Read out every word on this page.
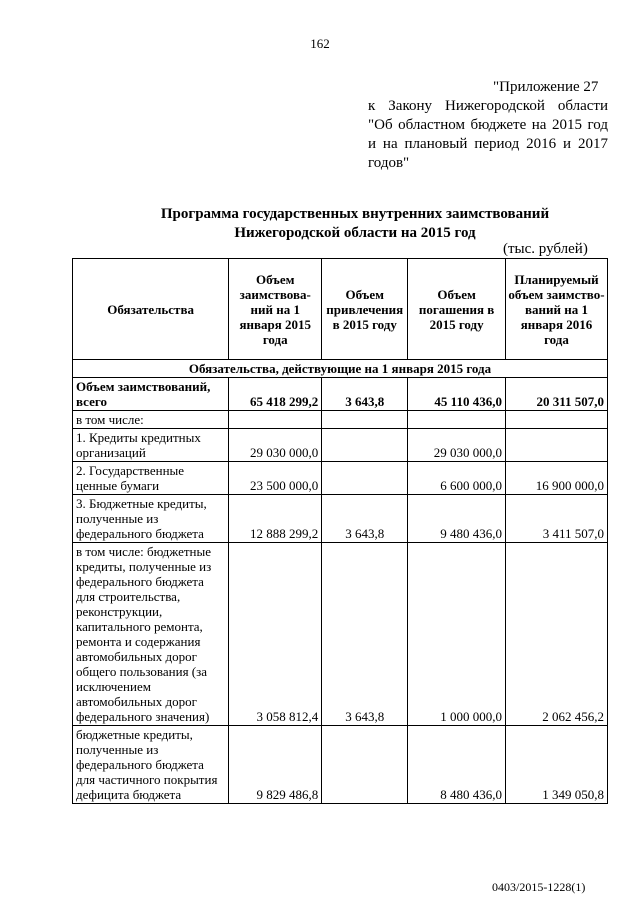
162
"Приложение 27
к Закону Нижегородской области
"Об областном бюджете на 2015 год
и на плановый период 2016 и 2017
годов"
Программа государственных внутренних заимствований
Нижегородской области на 2015 год
(тыс. рублей)
Обязательства	Объем заимствова-ний на 1 января 2015 года	Объем привлечения в 2015 году	Объем погашения в 2015 году	Планируемый объем заимство-ваний на 1 января 2016 года
Обязательства, действующие на 1 января 2015 года				
Объем заимствований, всего	65 418 299,2	3 643,8	45 110 436,0	20 311 507,0
в том числе:				
1. Кредиты кредитных организаций	29 030 000,0		29 030 000,0	
2. Государственные ценные бумаги	23 500 000,0		6 600 000,0	16 900 000,0
3. Бюджетные кредиты, полученные из федерального бюджета	12 888 299,2	3 643,8	9 480 436,0	3 411 507,0
в том числе: бюджетные кредиты, полученные из федерального бюджета для строительства, реконструкции, капитального ремонта, ремонта и содержания автомобильных дорог общего пользования (за исключением автомобильных дорог федерального значения)	3 058 812,4	3 643,8	1 000 000,0	2 062 456,2
бюджетные кредиты, полученные из федерального бюджета для частичного покрытия дефицита бюджета	9 829 486,8		8 480 436,0	1 349 050,8
0403/2015-1228(1)
